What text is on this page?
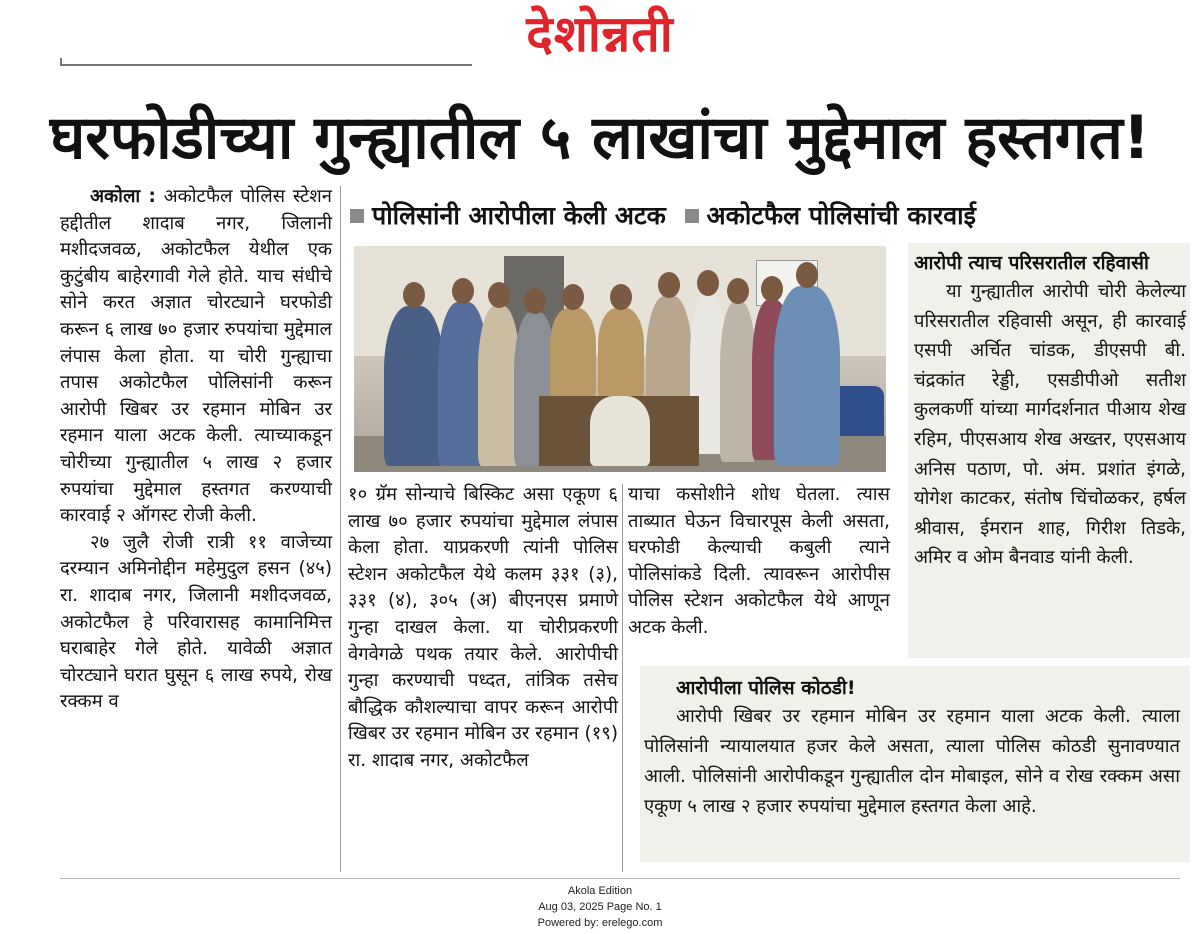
देशोन्नती
घरफोडीच्या गुन्ह्यातील ५ लाखांचा मुद्देमाल हस्तगत!

अकोला : अकोटफैल पोलिस स्टेशन हद्दीतील शादाब नगर, जिलानी मशीदजवळ, अकोटफैल येथील एक कुटुंबीय बाहेरगावी गेले होते. याच संधीचे सोने करत अज्ञात चोरट्याने घरफोडी करून ६ लाख ७० हजार रुपयांचा मुद्देमाल लंपास केला होता. या चोरी गुन्ह्याचा तपास अकोटफैल पोलिसांनी करून आरोपी खिबर उर रहमान मोबिन उर रहमान याला अटक केली. त्याच्याकडून चोरीच्या गुन्ह्यातील ५ लाख २ हजार रुपयांचा मुद्देमाल हस्तगत करण्याची कारवाई २ ऑगस्ट रोजी केली.

२७ जुलै रोजी रात्री ११ वाजेच्या दरम्यान अमिनोद्दीन महेमुदुल हसन (४५) रा. शादाब नगर, जिलानी मशीदजवळ, अकोटफैल हे परिवारासह कामानिमित्त घराबाहेर गेले होते. यावेळी अज्ञात चोरट्याने घरात घुसून ६ लाख रुपये, रोख रक्कम व

पोलिसांनी आरोपीला केली अटक अकोटफैल पोलिसांची कारवाई

१० ग्रॅम सोन्याचे बिस्किट असा एकूण ६ लाख ७० हजार रुपयांचा मुद्देमाल लंपास केला होता. याप्रकरणी त्यांनी पोलिस स्टेशन अकोटफैल येथे कलम ३३१ (३), ३३१ (४), ३०५ (अ) बीएनएस प्रमाणे गुन्हा दाखल केला. या चोरीप्रकरणी वेगवेगळे पथक तयार केले. आरोपीची गुन्हा करण्याची पध्दत, तांत्रिक तसेच बौद्धिक कौशल्याचा वापर करून आरोपी खिबर उर रहमान मोबिन उर रहमान (१९) रा. शादाब नगर, अकोटफैल

याचा कसोशीने शोध घेतला. त्यास ताब्यात घेऊन विचारपूस केली असता, घरफोडी केल्याची कबुली त्याने पोलिसांकडे दिली. त्यावरून आरोपीस पोलिस स्टेशन अकोटफैल येथे आणून अटक केली.

आरोपी त्याच परिसरातील रहिवासी

या गुन्ह्यातील आरोपी चोरी केलेल्या परिसरातील रहिवासी असून, ही कारवाई एसपी अर्चित चांडक, डीएसपी बी. चंद्रकांत रेड्डी, एसडीपीओ सतीश कुलकर्णी यांच्या मार्गदर्शनात पीआय शेख रहिम, पीएसआय शेख अख्तर, एएसआय अनिस पठाण, पो. अंम. प्रशांत इंगळे, योगेश काटकर, संतोष चिंचोळकर, हर्षल श्रीवास, ईमरान शाह, गिरीश तिडके, अमिर व ओम बैनवाड यांनी केली.

आरोपीला पोलिस कोठडी!

आरोपी खिबर उर रहमान मोबिन उर रहमान याला अटक केली. त्याला पोलिसांनी न्यायालयात हजर केले असता, त्याला पोलिस कोठडी सुनावण्यात आली. पोलिसांनी आरोपीकडून गुन्ह्यातील दोन मोबाइल, सोने व रोख रक्कम असा एकूण ५ लाख २ हजार रुपयांचा मुद्देमाल हस्तगत केला आहे.

Akola Edition
Aug 03, 2025 Page No. 1
Powered by: erelego.com
